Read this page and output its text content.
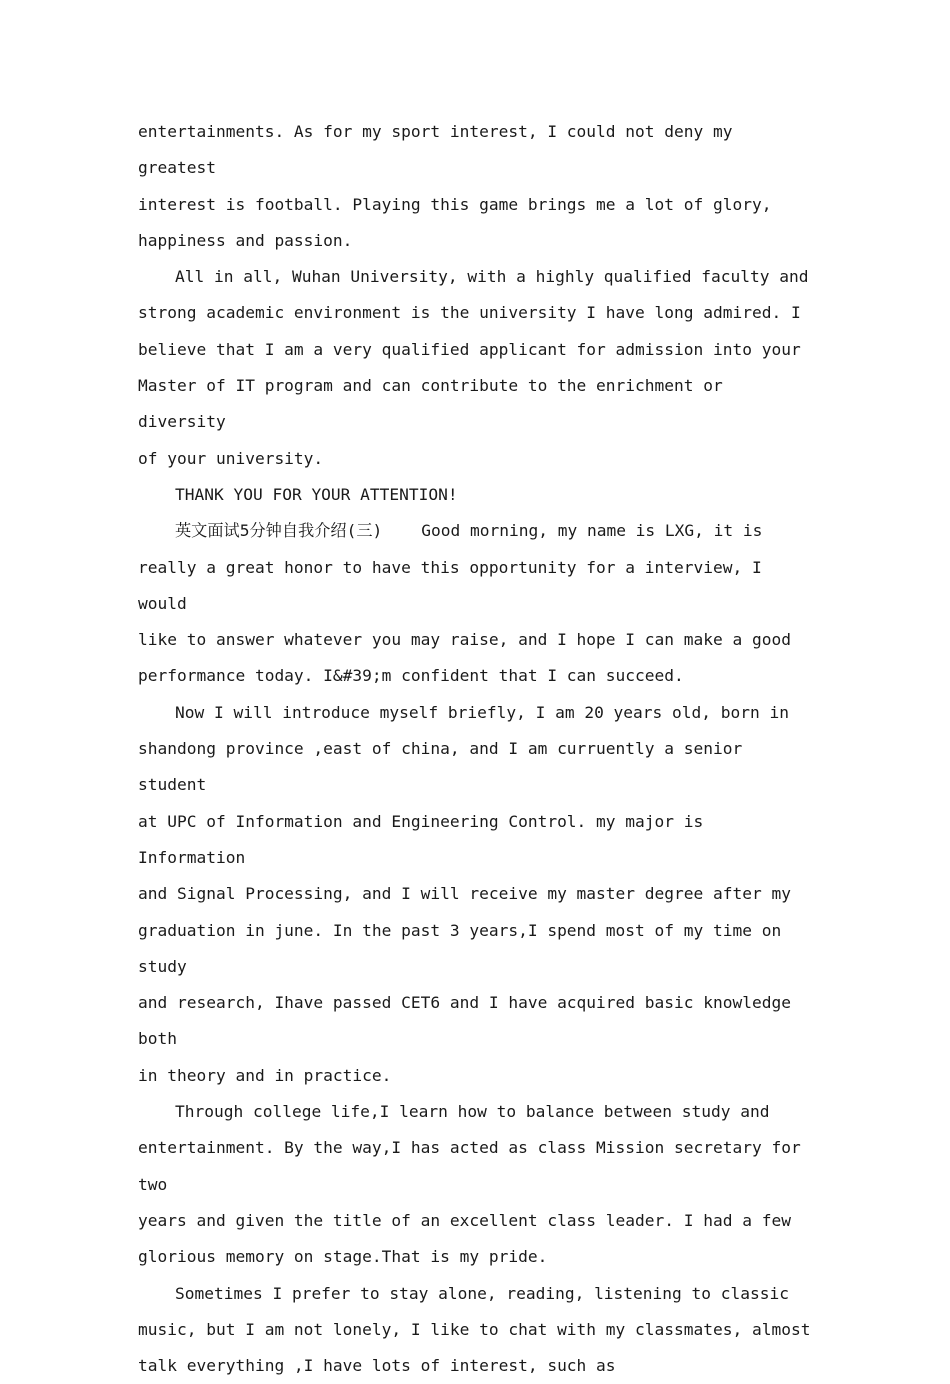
entertainments. As for my sport interest, I could not deny my greatest
interest is football. Playing this game brings me a lot of glory,
happiness and passion.

All in all, Wuhan University, with a highly qualified faculty and
strong academic environment is the university I have long admired. I
believe that I am a very qualified applicant for admission into your
Master of IT program and can contribute to the enrichment or diversity
of your university.

THANK YOU FOR YOUR ATTENTION!

英文面试5分钟自我介绍(三)    Good morning, my name is LXG, it is
really a great honor to have this opportunity for a interview, I would
like to answer whatever you may raise, and I hope I can make a good
performance today. I&#39;m confident that I can succeed.

Now I will introduce myself briefly, I am 20 years old, born in
shandong province ,east of china, and I am curruently a senior student
at UPC of Information and Engineering Control. my major is Information
and Signal Processing, and I will receive my master degree after my
graduation in june. In the past 3 years,I spend most of my time on study
and research, Ihave passed CET6 and I have acquired basic knowledge both
in theory and in practice.

Through college life,I learn how to balance between study and
entertainment. By the way,I has acted as class Mission secretary for two
years and given the title of an excellent class leader. I had a few
glorious memory on stage.That is my pride.

Sometimes I prefer to stay alone, reading, listening to classic
music, but I am not lonely, I like to chat with my classmates, almost
talk everything ,I have lots of interest, such as
